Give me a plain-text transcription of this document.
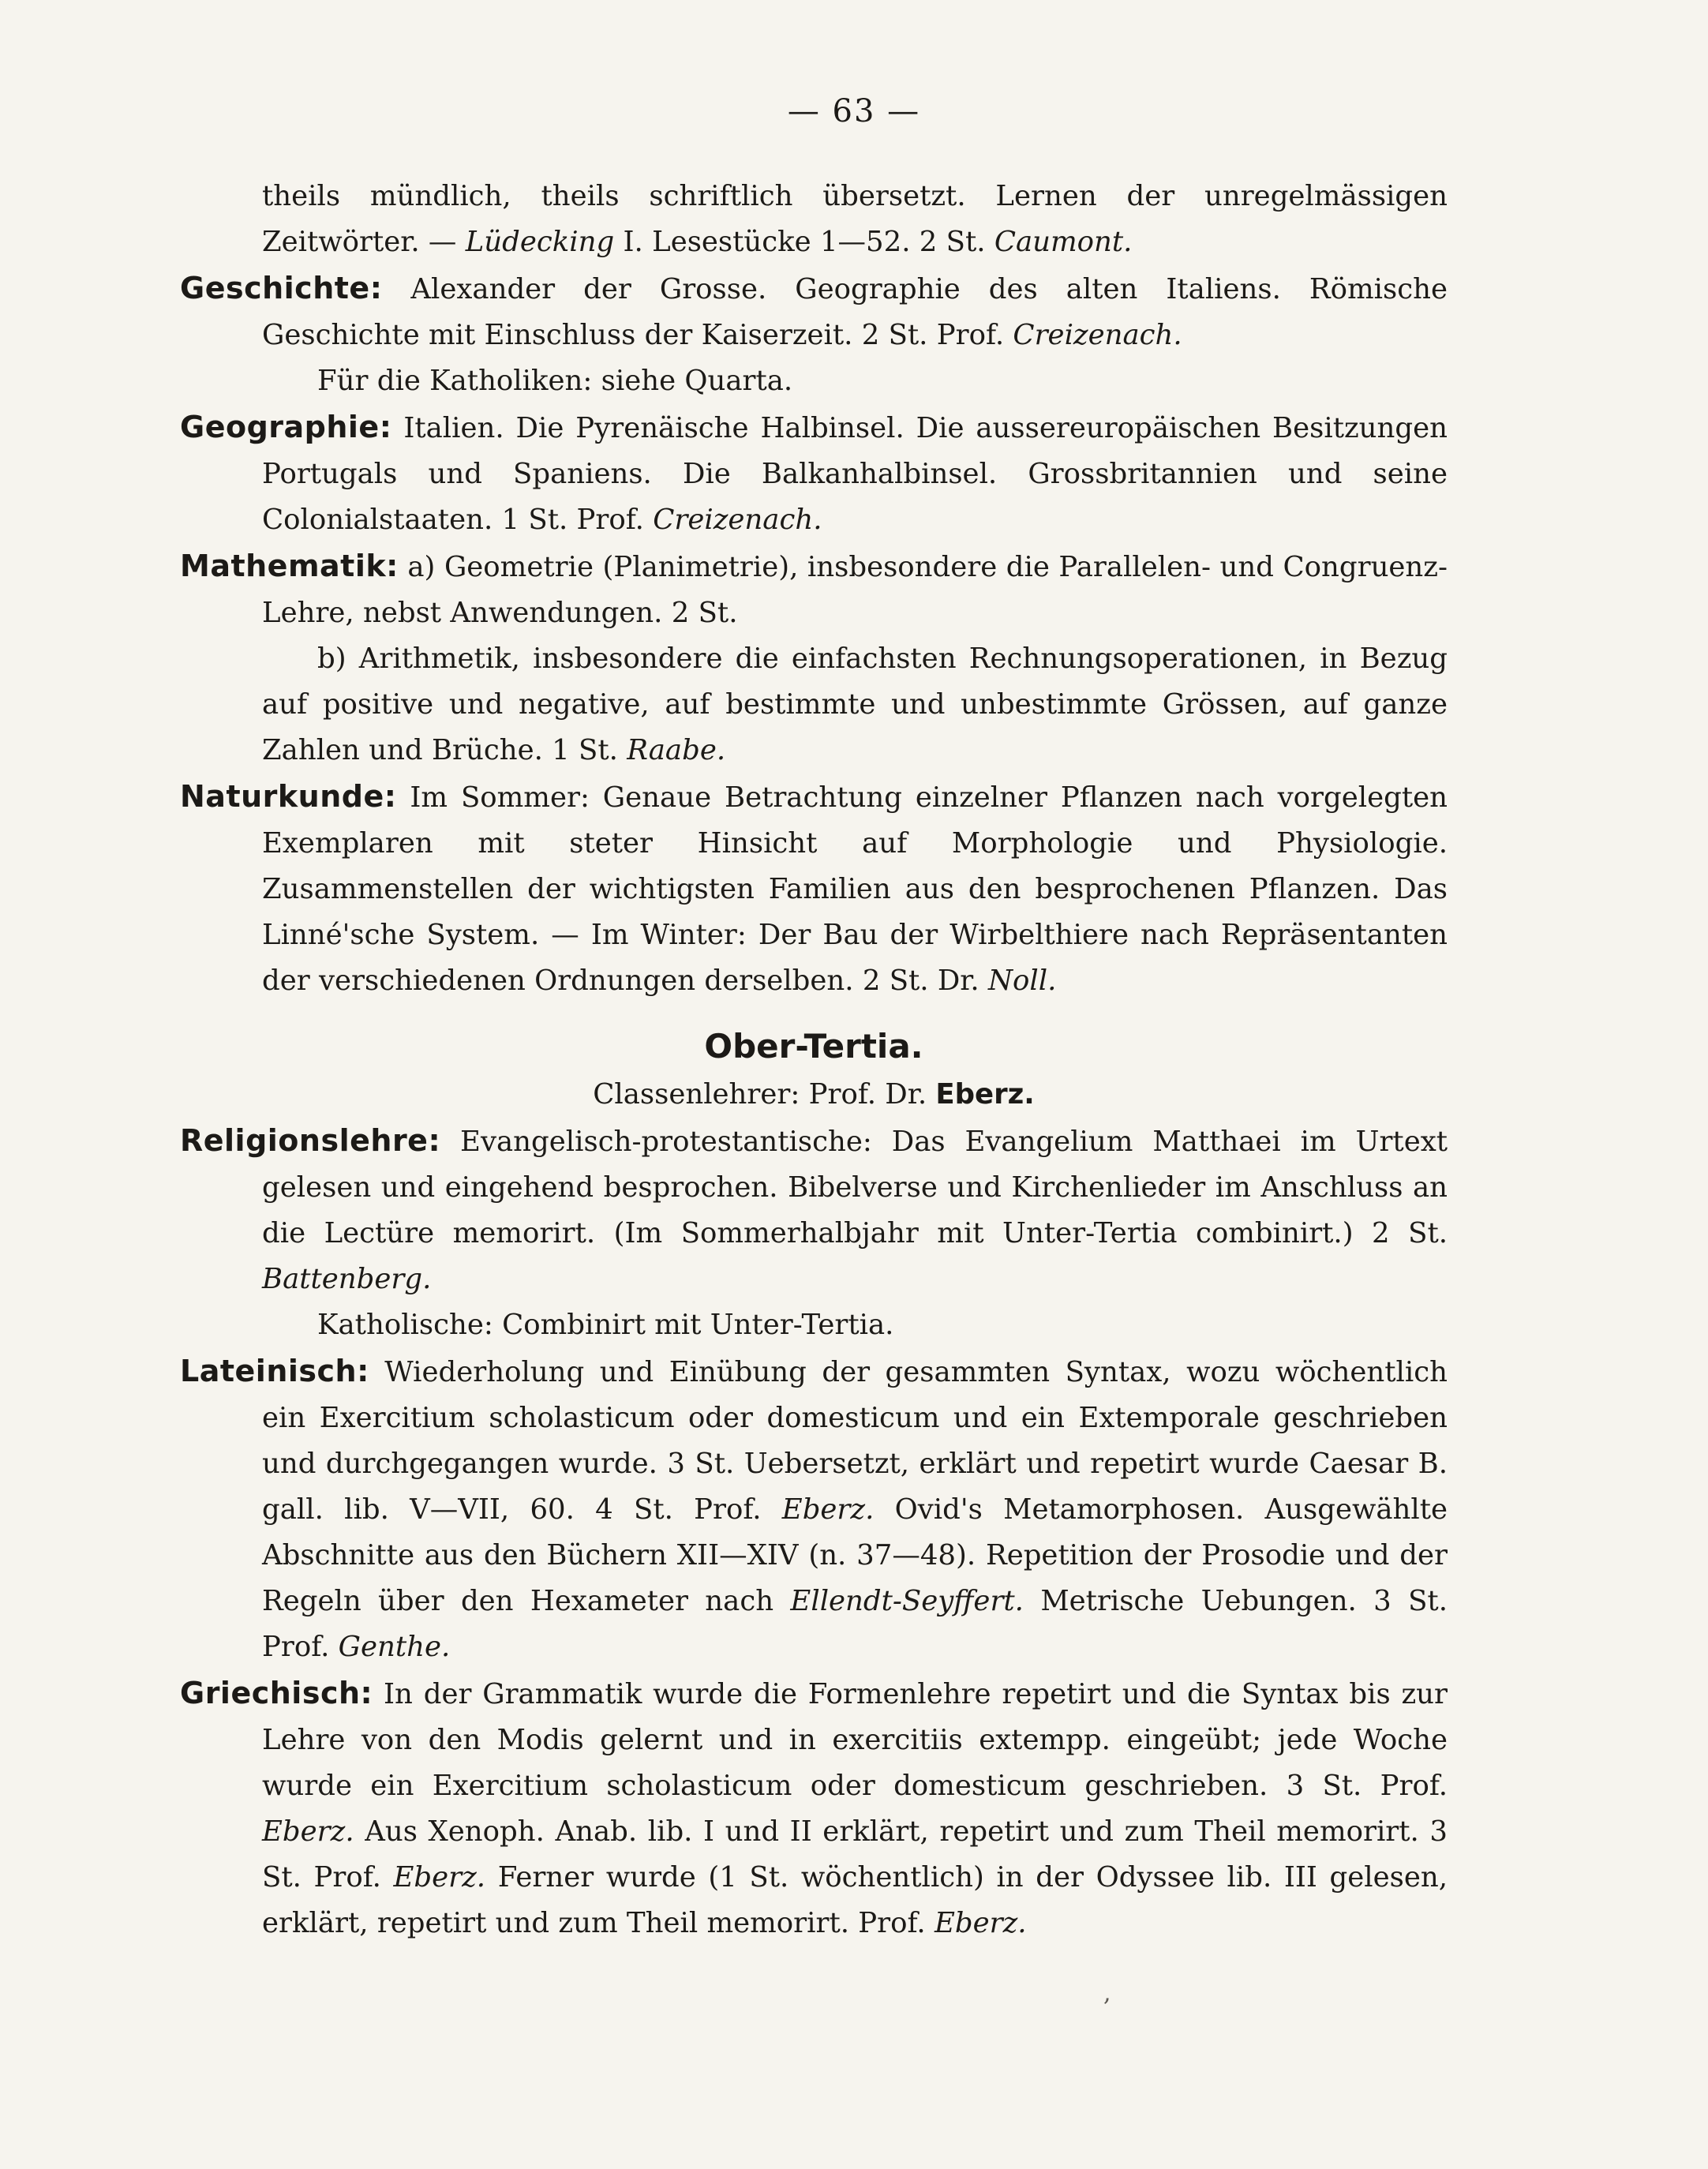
— 63 —

theils mündlich, theils schriftlich übersetzt. Lernen der unregelmässigen Zeitwörter. — Lüdecking I. Lesestücke 1—52. 2 St. Caumont.

Geschichte: Alexander der Grosse. Geographie des alten Italiens. Römische Geschichte mit Einschluss der Kaiserzeit. 2 St. Prof. Creizenach.

Für die Katholiken: siehe Quarta.

Geographie: Italien. Die Pyrenäische Halbinsel. Die aussereuropäischen Besitzungen Portugals und Spaniens. Die Balkanhalbinsel. Grossbritannien und seine Colonialstaaten. 1 St. Prof. Creizenach.

Mathematik: a) Geometrie (Planimetrie), insbesondere die Parallelen- und Congruenz-Lehre, nebst Anwendungen. 2 St.

b) Arithmetik, insbesondere die einfachsten Rechnungsoperationen, in Bezug auf positive und negative, auf bestimmte und unbestimmte Grössen, auf ganze Zahlen und Brüche. 1 St. Raabe.

Naturkunde: Im Sommer: Genaue Betrachtung einzelner Pflanzen nach vorgelegten Exemplaren mit steter Hinsicht auf Morphologie und Physiologie. Zusammenstellen der wichtigsten Familien aus den besprochenen Pflanzen. Das Linné'sche System. — Im Winter: Der Bau der Wirbelthiere nach Repräsentanten der verschiedenen Ordnungen derselben. 2 St. Dr. Noll.

Ober-Tertia.

Classenlehrer: Prof. Dr. Eberz.

Religionslehre: Evangelisch-protestantische: Das Evangelium Matthaei im Urtext gelesen und eingehend besprochen. Bibelverse und Kirchenlieder im Anschluss an die Lectüre memorirt. (Im Sommerhalbjahr mit Unter-Tertia combinirt.) 2 St. Battenberg.

Katholische: Combinirt mit Unter-Tertia.

Lateinisch: Wiederholung und Einübung der gesammten Syntax, wozu wöchentlich ein Exercitium scholasticum oder domesticum und ein Extemporale geschrieben und durchgegangen wurde. 3 St. Uebersetzt, erklärt und repetirt wurde Caesar B. gall. lib. V—VII, 60. 4 St. Prof. Eberz. Ovid's Metamorphosen. Ausgewählte Abschnitte aus den Büchern XII—XIV (n. 37—48). Repetition der Prosodie und der Regeln über den Hexameter nach Ellendt-Seyffert. Metrische Uebungen. 3 St. Prof. Genthe.

Griechisch: In der Grammatik wurde die Formenlehre repetirt und die Syntax bis zur Lehre von den Modis gelernt und in exercitiis extempp. eingeübt; jede Woche wurde ein Exercitium scholasticum oder domesticum geschrieben. 3 St. Prof. Eberz. Aus Xenoph. Anab. lib. I und II erklärt, repetirt und zum Theil memorirt. 3 St. Prof. Eberz. Ferner wurde (1 St. wöchentlich) in der Odyssee lib. III gelesen, erklärt, repetirt und zum Theil memorirt. Prof. Eberz.

,
